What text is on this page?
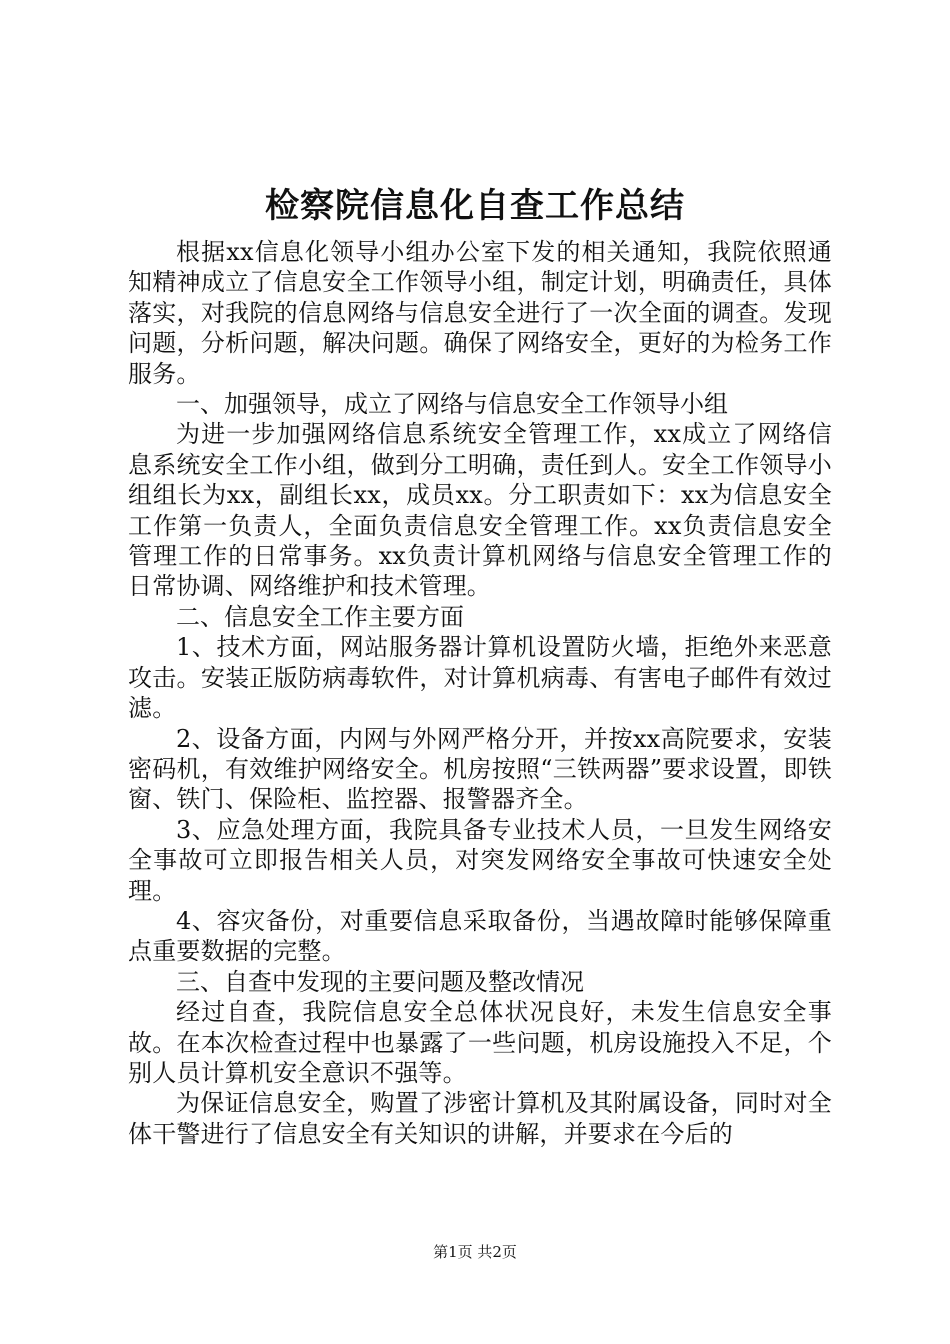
检察院信息化自查工作总结

根据xx信息化领导小组办公室下发的相关通知，我院依照通知精神成立了信息安全工作领导小组，制定计划，明确责任，具体落实，对我院的信息网络与信息安全进行了一次全面的调查。发现问题，分析问题，解决问题。确保了网络安全，更好的为检务工作服务。

一、加强领导，成立了网络与信息安全工作领导小组

为进一步加强网络信息系统安全管理工作，xx成立了网络信息系统安全工作小组，做到分工明确，责任到人。安全工作领导小组组长为xx，副组长xx，成员xx。分工职责如下：xx为信息安全工作第一负责人，全面负责信息安全管理工作。xx负责信息安全管理工作的日常事务。xx负责计算机网络与信息安全管理工作的日常协调、网络维护和技术管理。

二、信息安全工作主要方面

1、技术方面，网站服务器计算机设置防火墙，拒绝外来恶意攻击。安装正版防病毒软件，对计算机病毒、有害电子邮件有效过滤。

2、设备方面，内网与外网严格分开，并按xx高院要求，安装密码机，有效维护网络安全。机房按照“三铁两器”要求设置，即铁窗、铁门、保险柜、监控器、报警器齐全。

3、应急处理方面，我院具备专业技术人员，一旦发生网络安全事故可立即报告相关人员，对突发网络安全事故可快速安全处理。

4、容灾备份，对重要信息采取备份，当遇故障时能够保障重点重要数据的完整。

三、自查中发现的主要问题及整改情况

经过自查，我院信息安全总体状况良好，未发生信息安全事故。在本次检查过程中也暴露了一些问题，机房设施投入不足，个别人员计算机安全意识不强等。

为保证信息安全，购置了涉密计算机及其附属设备，同时对全体干警进行了信息安全有关知识的讲解，并要求在今后的

第1页 共2页
